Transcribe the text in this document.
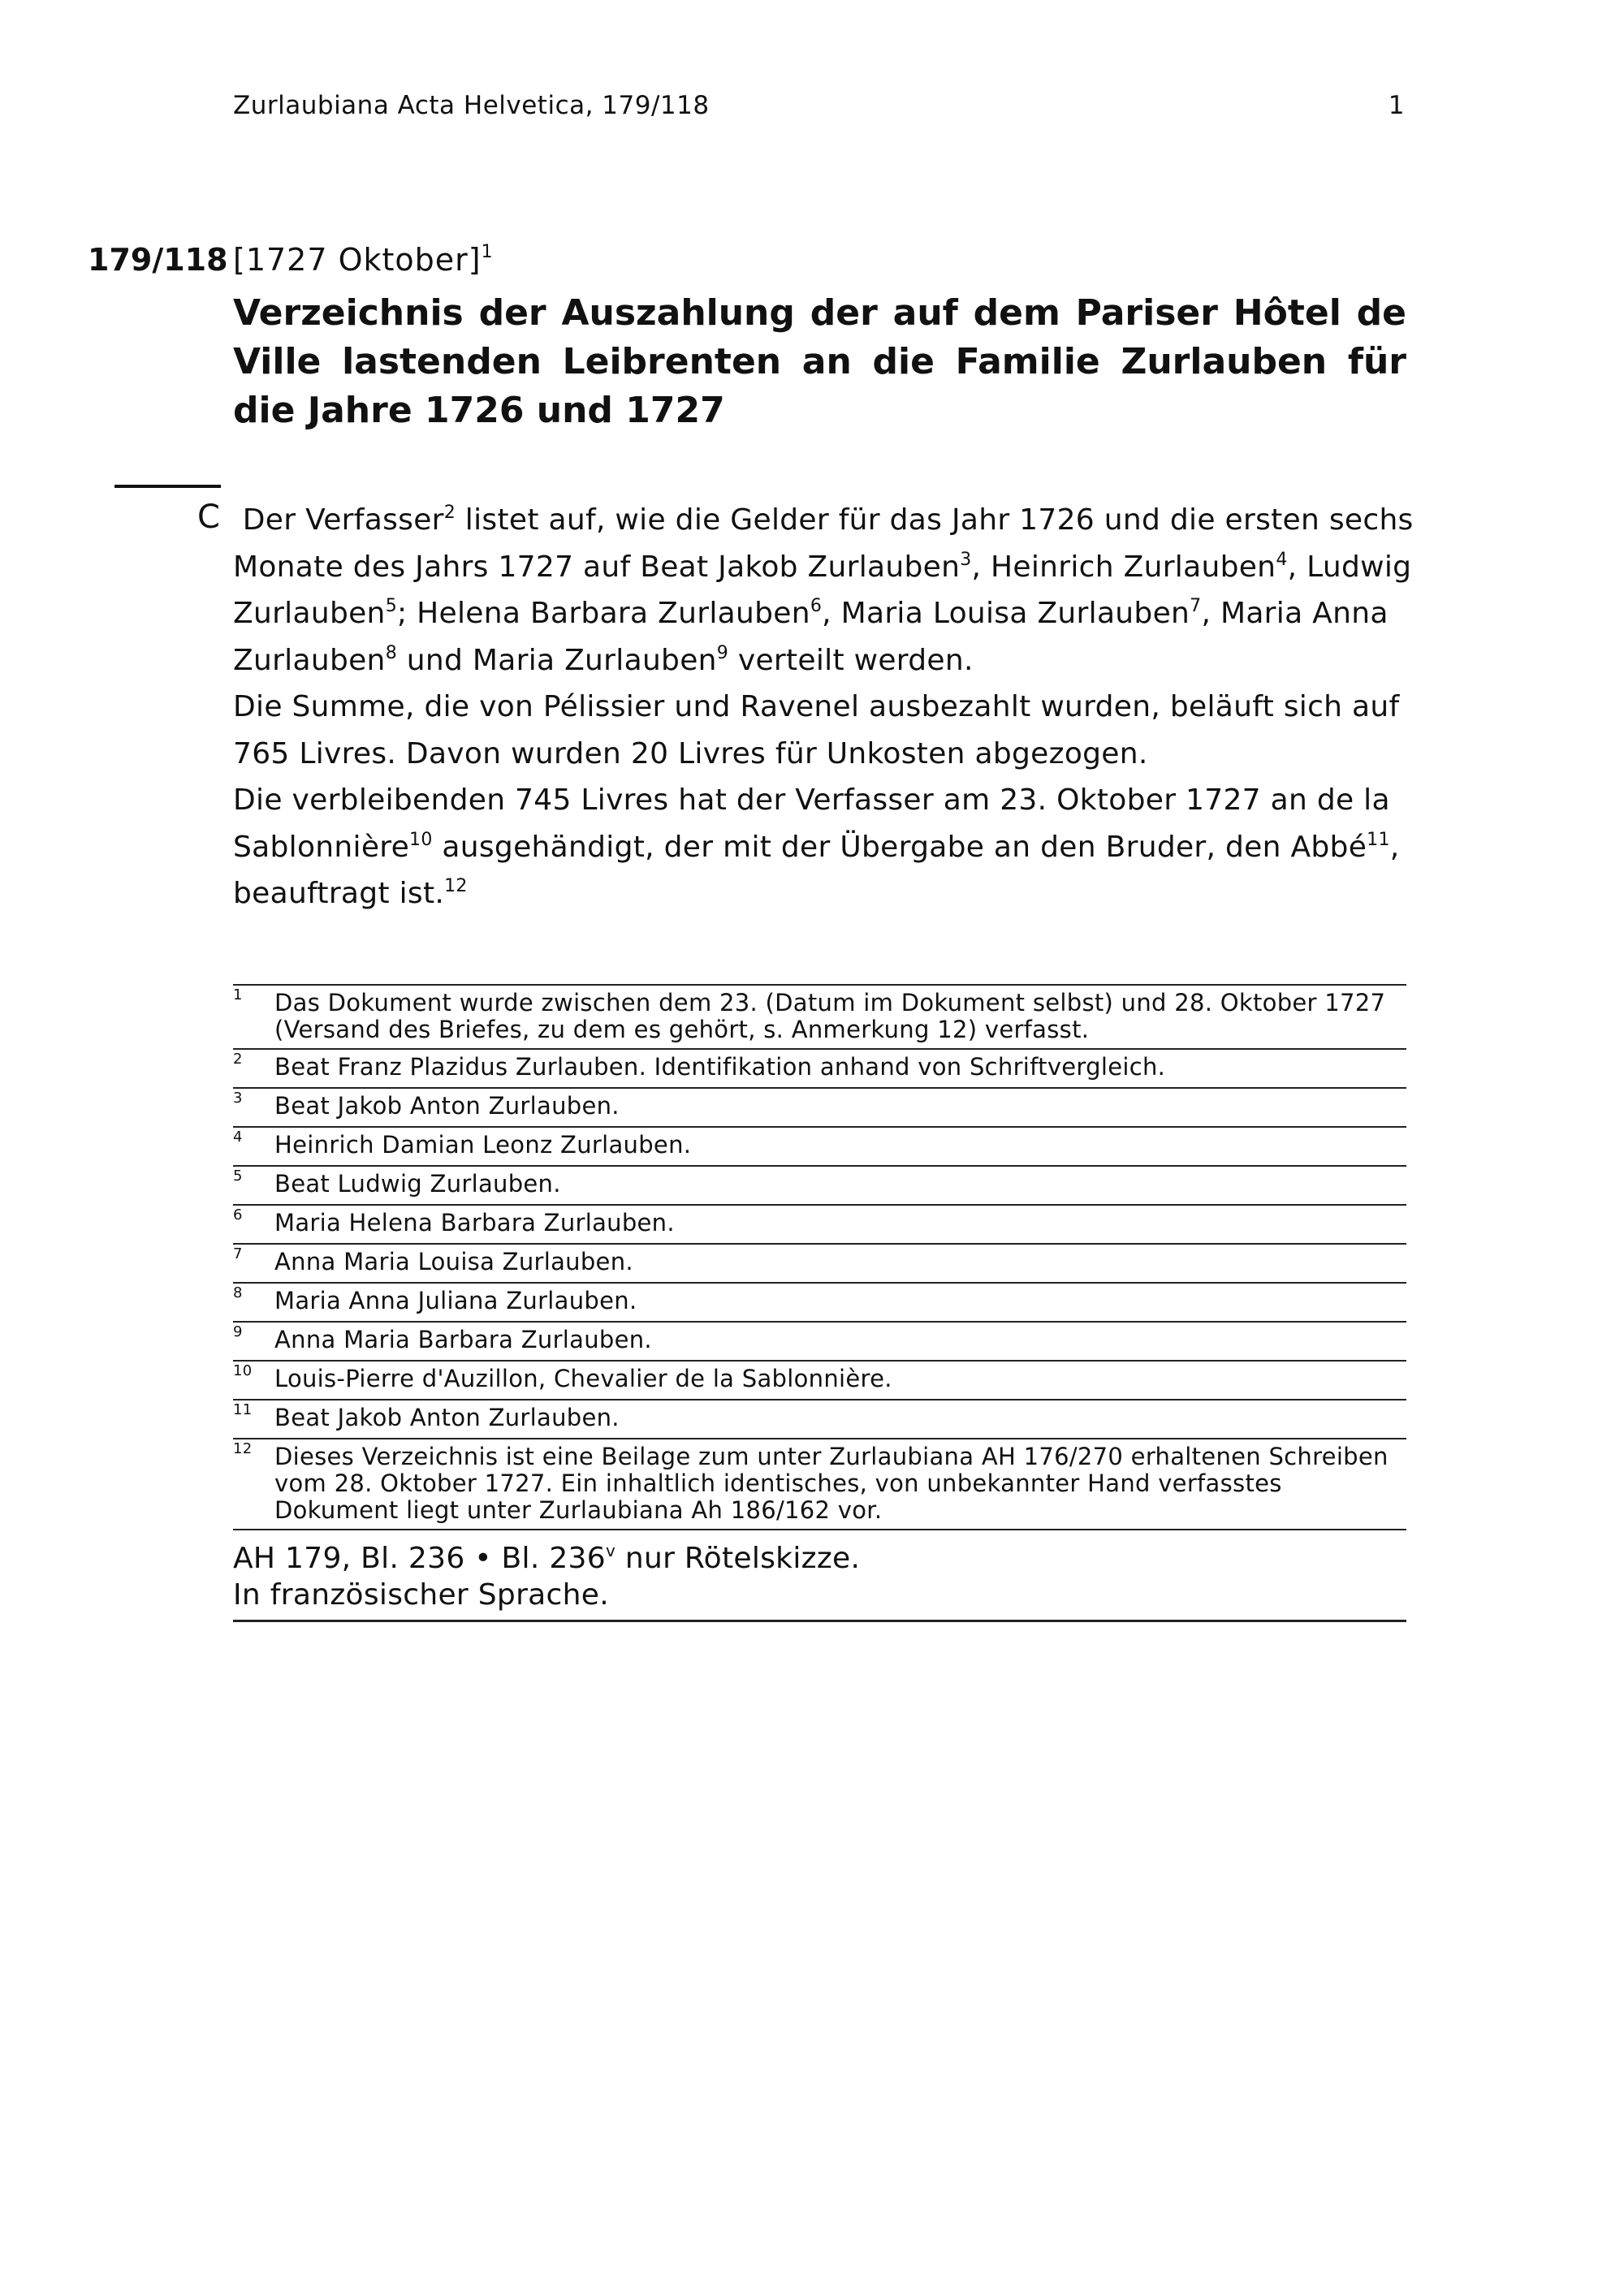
Zurlaubiana Acta Helvetica, 179/118	1
179/118 [1727 Oktober]$^1$
Verzeichnis der Auszahlung der auf dem Pariser Hôtel de Ville lastenden Leibrenten an die Familie Zurlauben für die Jahre 1726 und 1727
C Der Verfasser$^2$ listet auf, wie die Gelder für das Jahr 1726 und die ersten sechs Monate des Jahrs 1727 auf Beat Jakob Zurlauben$^3$, Heinrich Zurlauben$^4$, Ludwig Zurlauben$^5$; Helena Barbara Zurlauben$^6$, Maria Louisa Zurlauben$^7$, Maria Anna Zurlauben$^8$ und Maria Zurlauben$^9$ verteilt werden.

Die Summe, die von Pélissier und Ravenel ausbezahlt wurden, beläuft sich auf 765 Livres. Davon wurden 20 Livres für Unkosten abgezogen.

Die verbleibenden 745 Livres hat der Verfasser am 23. Oktober 1727 an de la Sablonnière$^{10}$ ausgehändigt, der mit der Übergabe an den Bruder, den Abbé$^{11}$, beauftragt ist.$^{12}$

1 Das Dokument wurde zwischen dem 23. (Datum im Dokument selbst) und 28. Oktober 1727 (Versand des Briefes, zu dem es gehört, s. Anmerkung 12) verfasst.
2 Beat Franz Plazidus Zurlauben. Identifikation anhand von Schriftvergleich.
3 Beat Jakob Anton Zurlauben.
4 Heinrich Damian Leonz Zurlauben.
5 Beat Ludwig Zurlauben.
6 Maria Helena Barbara Zurlauben.
7 Anna Maria Louisa Zurlauben.
8 Maria Anna Juliana Zurlauben.
9 Anna Maria Barbara Zurlauben.
10 Louis-Pierre d'Auzillon, Chevalier de la Sablonnière.
11 Beat Jakob Anton Zurlauben.
12 Dieses Verzeichnis ist eine Beilage zum unter Zurlaubiana AH 176/270 erhaltenen Schreiben vom 28. Oktober 1727. Ein inhaltlich identisches, von unbekannter Hand verfasstes Dokument liegt unter Zurlaubiana Ah 186/162 vor.
AH 179, Bl. 236 • Bl. 236$^v$ nur Rötelskizze.
In französischer Sprache.
